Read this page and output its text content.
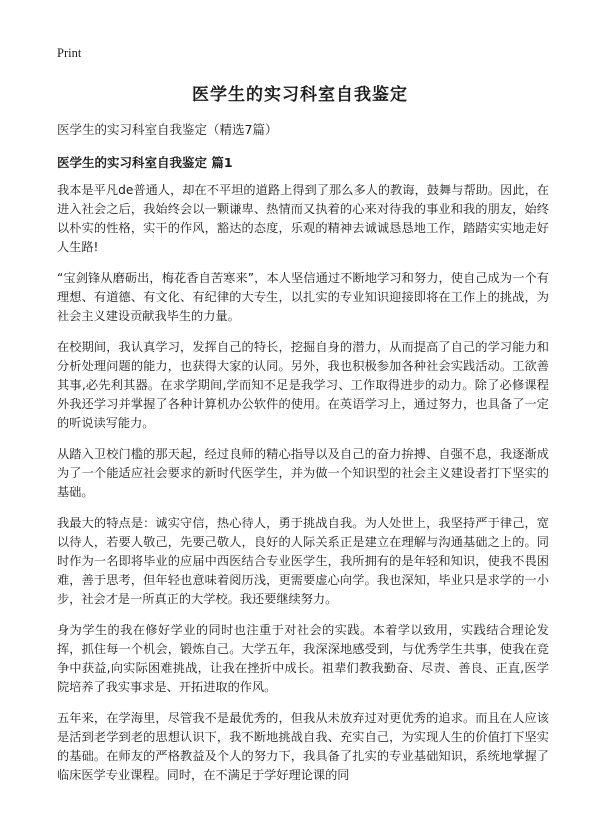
Print
医学生的实习科室自我鉴定
医学生的实习科室自我鉴定（精选7篇）
医学生的实习科室自我鉴定 篇1

我本是平凡de普通人，却在不平坦的道路上得到了那么多人的教诲，鼓舞与帮助。因此，在进入社会之后，我始终会以一颗谦卑、热情而又执着的心来对待我的事业和我的朋友，始终以朴实的性格，实干的作风，豁达的态度，乐观的精神去诚诚恳恳地工作，踏踏实实地走好人生路!

“宝剑锋从磨砺出，梅花香自苦寒来”，本人坚信通过不断地学习和努力，使自己成为一个有理想、有道德、有文化、有纪律的大专生，以扎实的专业知识迎接即将在工作上的挑战，为社会主义建设贡献我毕生的力量。

在校期间，我认真学习，发挥自己的特长，挖掘自身的潜力，从而提高了自己的学习能力和分析处理问题的能力，也获得大家的认同。另外，我也积极参加各种社会实践活动。工欲善其事,必先利其器。在求学期间,学而知不足是我学习、工作取得进步的动力。除了必修课程外我还学习并掌握了各种计算机办公软件的使用。在英语学习上，通过努力，也具备了一定的听说读写能力。

从踏入卫校门槛的那天起，经过良师的精心指导以及自己的奋力拚搏、自强不息，我逐渐成为了一个能适应社会要求的新时代医学生，并为做一个知识型的社会主义建设者打下坚实的基础。

我最大的特点是：诚实守信，热心待人，勇于挑战自我。为人处世上，我坚持严于律己，宽以待人，若要人敬己，先要己敬人，良好的人际关系正是建立在理解与沟通基础之上的。同时作为一名即将毕业的应届中西医结合专业医学生，我所拥有的是年轻和知识，使我不畏困难，善于思考，但年轻也意味着阅历浅，更需要虚心向学。我也深知，毕业只是求学的一小步，社会才是一所真正的大学校。我还要继续努力。

身为学生的我在修好学业的同时也注重于对社会的实践。本着学以致用，实践结合理论发挥，抓住每一个机会，锻炼自己。大学五年，我深深地感受到，与优秀学生共事，使我在竞争中获益,向实际困难挑战，让我在挫折中成长。祖辈们教我勤奋、尽责、善良、正直,医学院培养了我实事求是、开拓进取的作风。

五年来，在学海里，尽管我不是最优秀的，但我从未放弃过对更优秀的追求。而且在人应该是活到老学到老的思想认识下，我不断地挑战自我、充实自己，为实现人生的价值打下坚实的基础。在师友的严格教益及个人的努力下，我具备了扎实的专业基础知识，系统地掌握了临床医学专业课程。同时，在不满足于学好理论课的同
